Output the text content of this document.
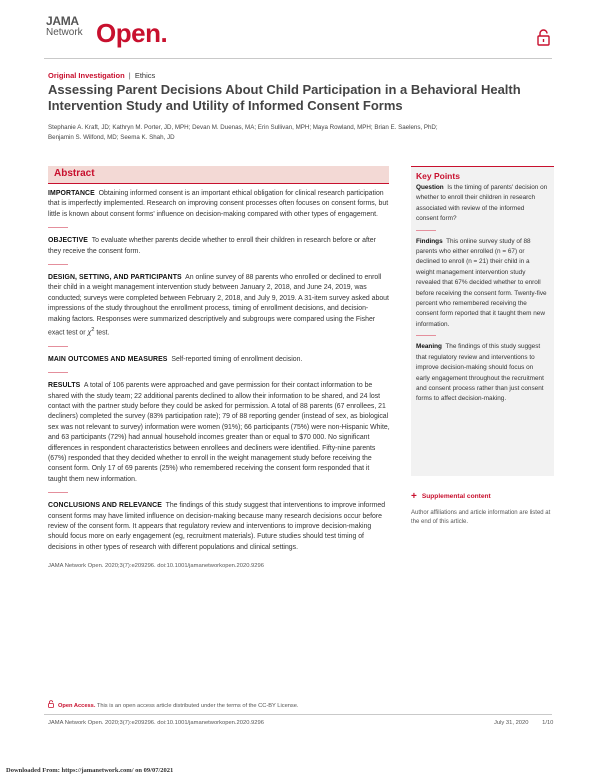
JAMA
Network Open.
Original Investigation | Ethics
Assessing Parent Decisions About Child Participation in a Behavioral Health Intervention Study and Utility of Informed Consent Forms
Stephanie A. Kraft, JD; Kathryn M. Porter, JD, MPH; Devan M. Duenas, MA; Erin Sullivan, MPH; Maya Rowland, MPH; Brian E. Saelens, PhD;
Benjamin S. Wilfond, MD; Seema K. Shah, JD
Abstract

IMPORTANCE Obtaining informed consent is an important ethical obligation for clinical research participation that is imperfectly implemented. Research on improving consent processes often focuses on consent forms, but little is known about consent forms' influence on decision-making compared with other types of engagement.

OBJECTIVE To evaluate whether parents decide whether to enroll their children in research before or after they receive the consent form.

DESIGN, SETTING, AND PARTICIPANTS An online survey of 88 parents who enrolled or declined to enroll their child in a weight management intervention study between January 2, 2018, and June 24, 2019, was conducted; surveys were completed between February 2, 2018, and July 9, 2019. A 31-item survey asked about impressions of the study throughout the enrollment process, timing of enrollment decisions, and decision-making factors. Responses were summarized descriptively and subgroups were compared using the Fisher exact test or $\chi^2$ test.

MAIN OUTCOMES AND MEASURES Self-reported timing of enrollment decision.

RESULTS A total of 106 parents were approached and gave permission for their contact information to be shared with the study team; 22 additional parents declined to allow their information to be shared, and 24 lost contact with the partner study before they could be asked for permission. A total of 88 parents (67 enrollees, 21 decliners) completed the survey (83% participation rate); 79 of 88 reporting gender (instead of sex, as biological sex was not relevant to survey) information were women (91%); 66 participants (75%) were non-Hispanic White, and 63 participants (72%) had annual household incomes greater than or equal to $70 000. No significant differences in respondent characteristics between enrollees and decliners were identified. Fifty-nine parents (67%) responded that they decided whether to enroll in the weight management study before receiving the consent form. Only 17 of 69 parents (25%) who remembered receiving the consent form responded that it taught them new information.

CONCLUSIONS AND RELEVANCE The findings of this study suggest that interventions to improve informed consent forms may have limited influence on decision-making because many research decisions occur before review of the consent form. It appears that regulatory review and interventions to improve decision-making should focus more on early engagement (eg, recruitment materials). Future studies should test timing of decisions in other types of research with different populations and clinical settings.

JAMA Network Open. 2020;3(7):e209296. doi:10.1001/jamanetworkopen.2020.9296
Key Points

Question Is the timing of parents' decision on whether to enroll their children in research associated with review of the informed consent form?

Findings This online survey study of 88 parents who either enrolled (n = 67) or declined to enroll (n = 21) their child in a weight management intervention study revealed that 67% decided whether to enroll before receiving the consent form. Twenty-five percent who remembered receiving the consent form reported that it taught them new information.

Meaning The findings of this study suggest that regulatory review and interventions to improve decision-making should focus on early engagement throughout the recruitment and consent process rather than just consent forms to affect decision-making.

+ Supplemental content
Author affiliations and article information are listed at the end of this article.
Open Access. This is an open access article distributed under the terms of the CC-BY License.
JAMA Network Open. 2020;3(7):e209296. doi:10.1001/jamanetworkopen.2020.9296	July 31, 2020 1/10
Downloaded From: https://jamanetwork.com/ on 09/07/2021
